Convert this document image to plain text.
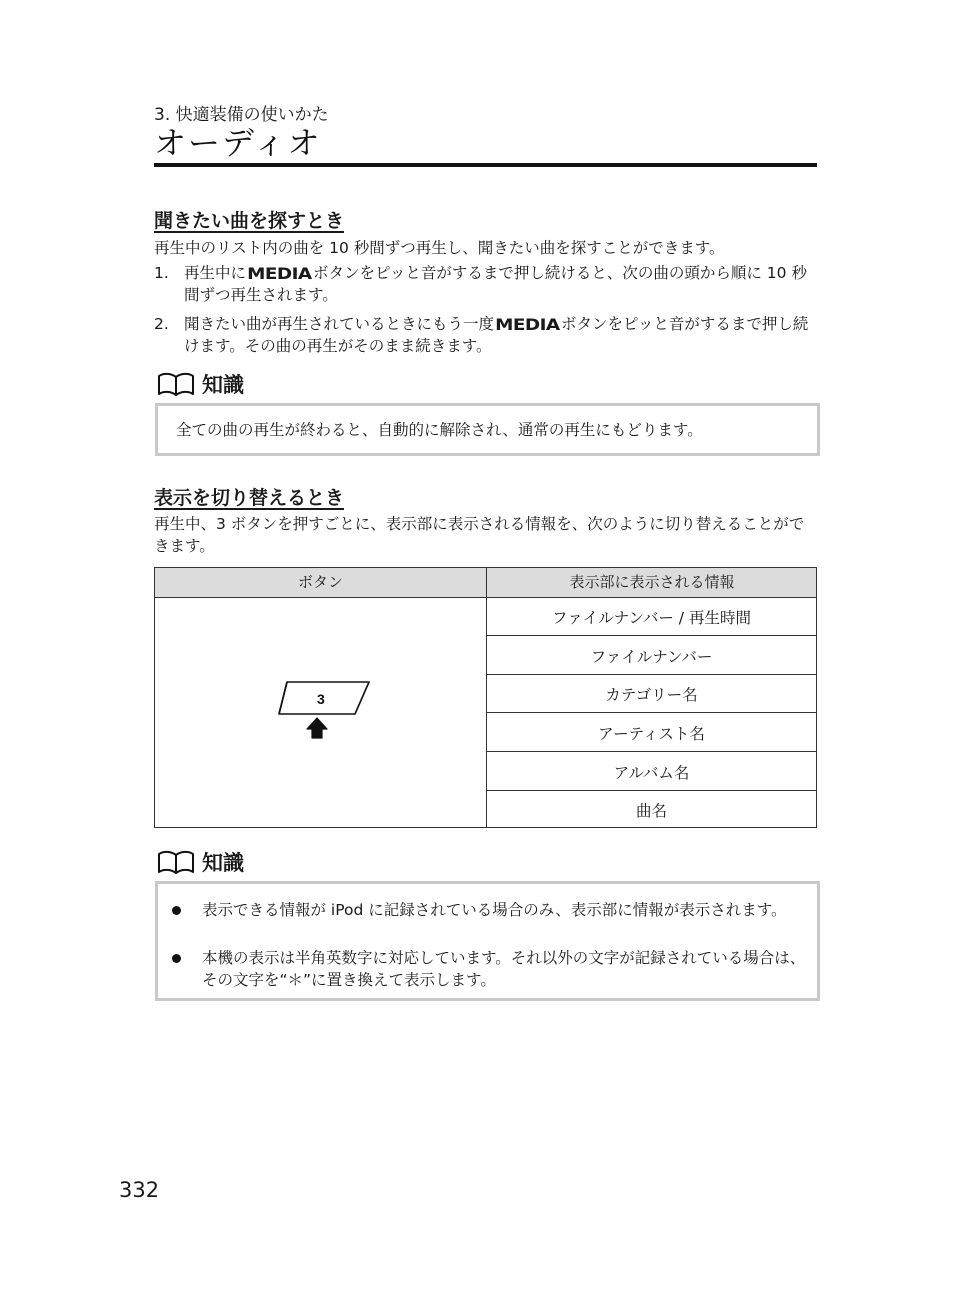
3. 快適装備の使いかた
オーディオ
聞きたい曲を探すとき
再生中のリスト内の曲を 10 秒間ずつ再生し、聞きたい曲を探すことができます。
1. 再生中にMEDIAボタンをピッと音がするまで押し続けると、次の曲の頭から順に 10 秒間ずつ再生されます。
2. 聞きたい曲が再生されているときにもう一度MEDIAボタンをピッと音がするまで押し続けます。その曲の再生がそのまま続きます。
知識
全ての曲の再生が終わると、自動的に解除され、通常の再生にもどります。
表示を切り替えるとき
再生中、3 ボタンを押すごとに、表示部に表示される情報を、次のように切り替えることができます。
ボタン	表示部に表示される情報
ファイルナンバー / 再生時間
ファイルナンバー
カテゴリー名
アーティスト名
アルバム名
曲名
3
知識
表示できる情報が iPod に記録されている場合のみ、表示部に情報が表示されます。
本機の表示は半角英数字に対応しています。それ以外の文字が記録されている場合は、その文字を“＊”に置き換えて表示します。
332
